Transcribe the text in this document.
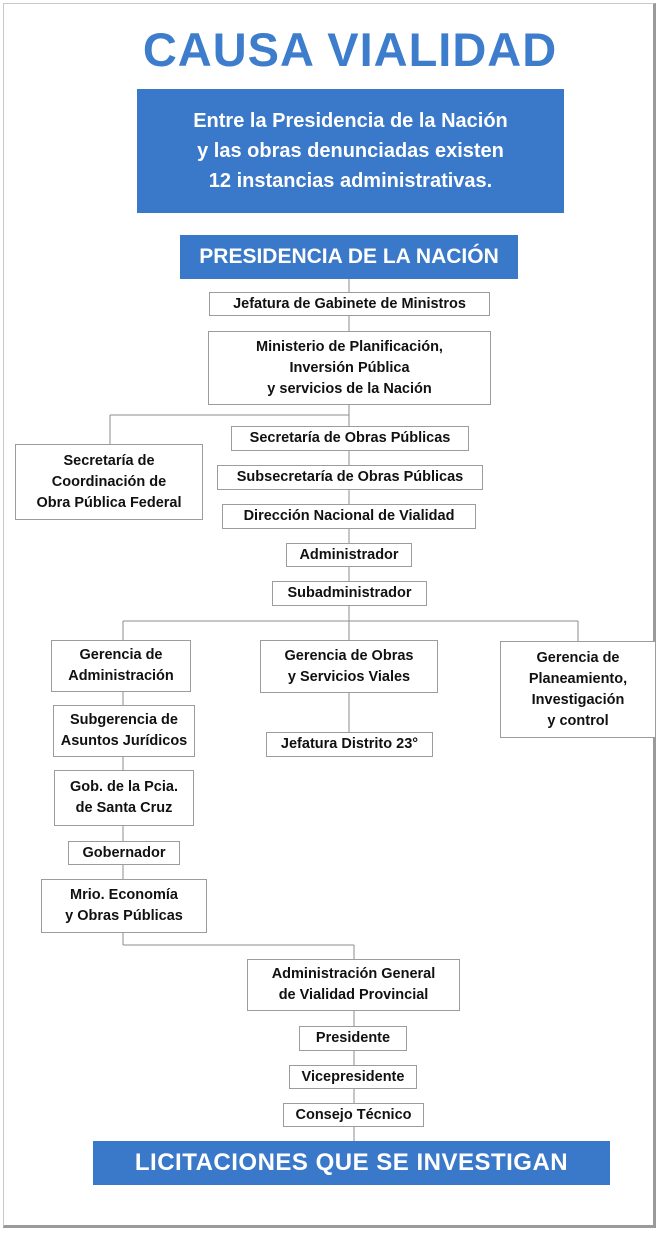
CAUSA VIALIDAD
Entre la Presidencia de la Nación
y las obras denunciadas existen
12 instancias administrativas.
PRESIDENCIA DE LA NACIÓN
Jefatura de Gabinete de Ministros
Ministerio de Planificación,
Inversión Pública
y servicios de la Nación
Secretaría de
Coordinación de
Obra Pública Federal
Secretaría de Obras Públicas
Subsecretaría de Obras Públicas
Dirección Nacional de Vialidad
Administrador
Subadministrador
Gerencia de
Administración
Gerencia de Obras
y Servicios Viales
Gerencia de
Planeamiento,
Investigación
y control
Jefatura Distrito 23°
Subgerencia de
Asuntos Jurídicos
Gob. de la Pcia.
de Santa Cruz
Gobernador
Mrio. Economía
y Obras Públicas
Administración General
de Vialidad Provincial
Presidente
Vicepresidente
Consejo Técnico
LICITACIONES QUE SE INVESTIGAN
